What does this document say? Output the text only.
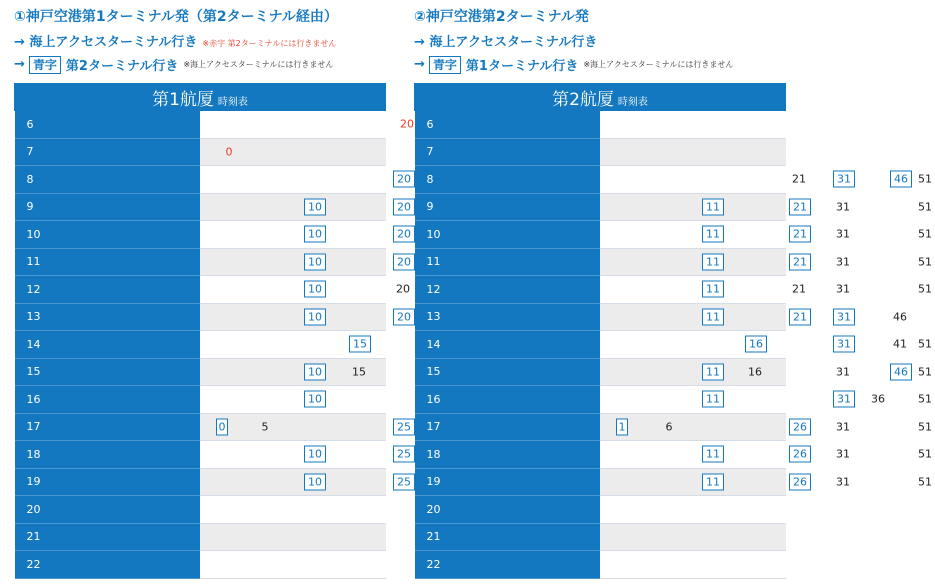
①神戸空港第1ターミナル発（第2ターミナル経由）
→ 海上アクセスターミナル行き ※赤字 第2ターミナルには行きません
→ 青字 第2ターミナル行き ※海上アクセスターミナルには行きません
第1航厦 時刻表	
6	20

7	0

8	20

9	10 20

10	10 20

11	10 20

12	10 20

13	10 20

14	15

15	10 15

16	10

17	0 5 25

18	10 25

19	10 25

20	

21	
22	
②神戸空港第2ターミナル発
→ 海上アクセスターミナル行き
→ 青字 第1ターミナル行き ※海上アクセスターミナルには行きません
第2航厦 時刻表	
6	
7	
8	21 31 46 51

9	11 21 31 51

10	11 21 31 51

11	11 21 31 51

12	11 21 31 51

13	11 21 31 46

14	16 31 41 51

15	11 16 31 46 51

16	11 31 36 51

17	1 6 26 31 51

18	11 26 31 51

19	11 26 31 51

20	
21	
22	
